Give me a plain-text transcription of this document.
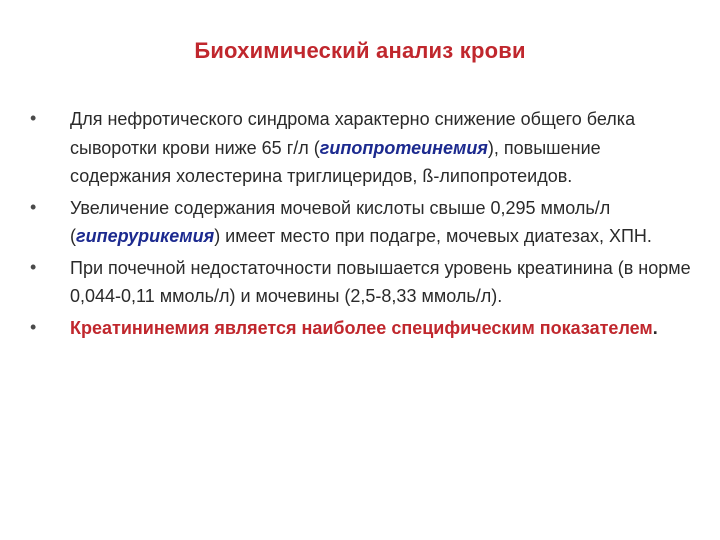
Биохимический анализ крови
• Для нефротического синдрома характерно снижение общего белка сыворотки крови ниже 65 г/л (гипопротеинемия), повышение содержания холестерина триглицеридов, ß-липопротеидов.
• Увеличение содержания мочевой кислоты свыше 0,295 ммоль/л (гиперурикемия) имеет место при подагре, мочевых диатезах, ХПН.
• При почечной недостаточности повышается уровень креатинина (в норме 0,044-0,11 ммоль/л) и мочевины (2,5-8,33 ммоль/л).
• Креатининемия является наиболее специфическим показателем.
